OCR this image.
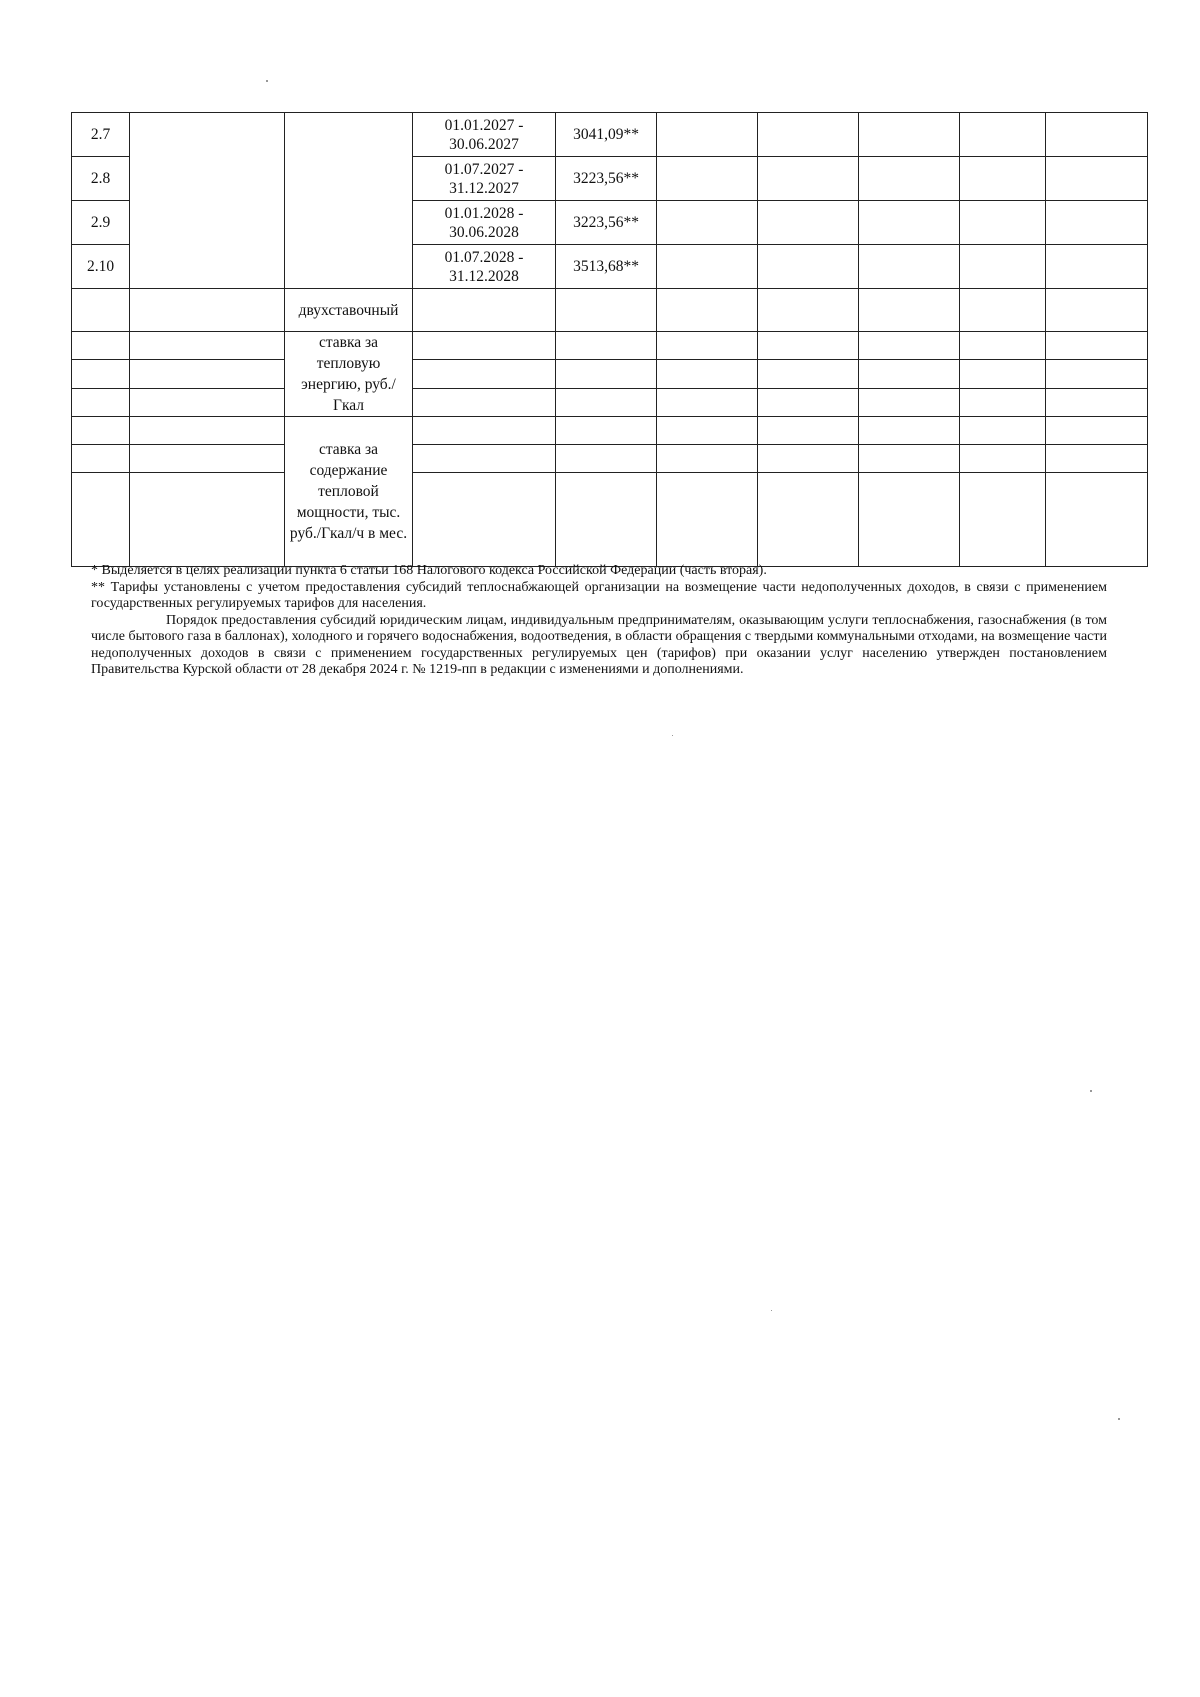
2.7			01.01.2027 -
30.06.2027	3041,09**					
2.8			01.07.2027 -
31.12.2027	3223,56**					
2.9			01.01.2028 -
30.06.2028	3223,56**					
2.10			01.07.2028 -
31.12.2028	3513,68**					
		двухставочный							
		ставка за тепловую энергию, руб./Гкал							

		ставка за содержание тепловой мощности, тыс. руб./Гкал/ч в мес.							

* Выделяется в целях реализации пункта 6 статьи 168 Налогового кодекса Российской Федерации (часть вторая).

** Тарифы установлены с учетом предоставления субсидий теплоснабжающей организации на возмещение части недополученных доходов, в связи с применением государственных регулируемых тарифов для населения.

Порядок предоставления субсидий юридическим лицам, индивидуальным предпринимателям, оказывающим услуги теплоснабжения, газоснабжения (в том числе бытового газа в баллонах), холодного и горячего водоснабжения, водоотведения, в области обращения с твердыми коммунальными отходами, на возмещение части недополученных доходов в связи с применением государственных регулируемых цен (тарифов) при оказании услуг населению утвержден постановлением Правительства Курской области от 28 декабря 2024 г. № 1219-пп в редакции с изменениями и дополнениями.
